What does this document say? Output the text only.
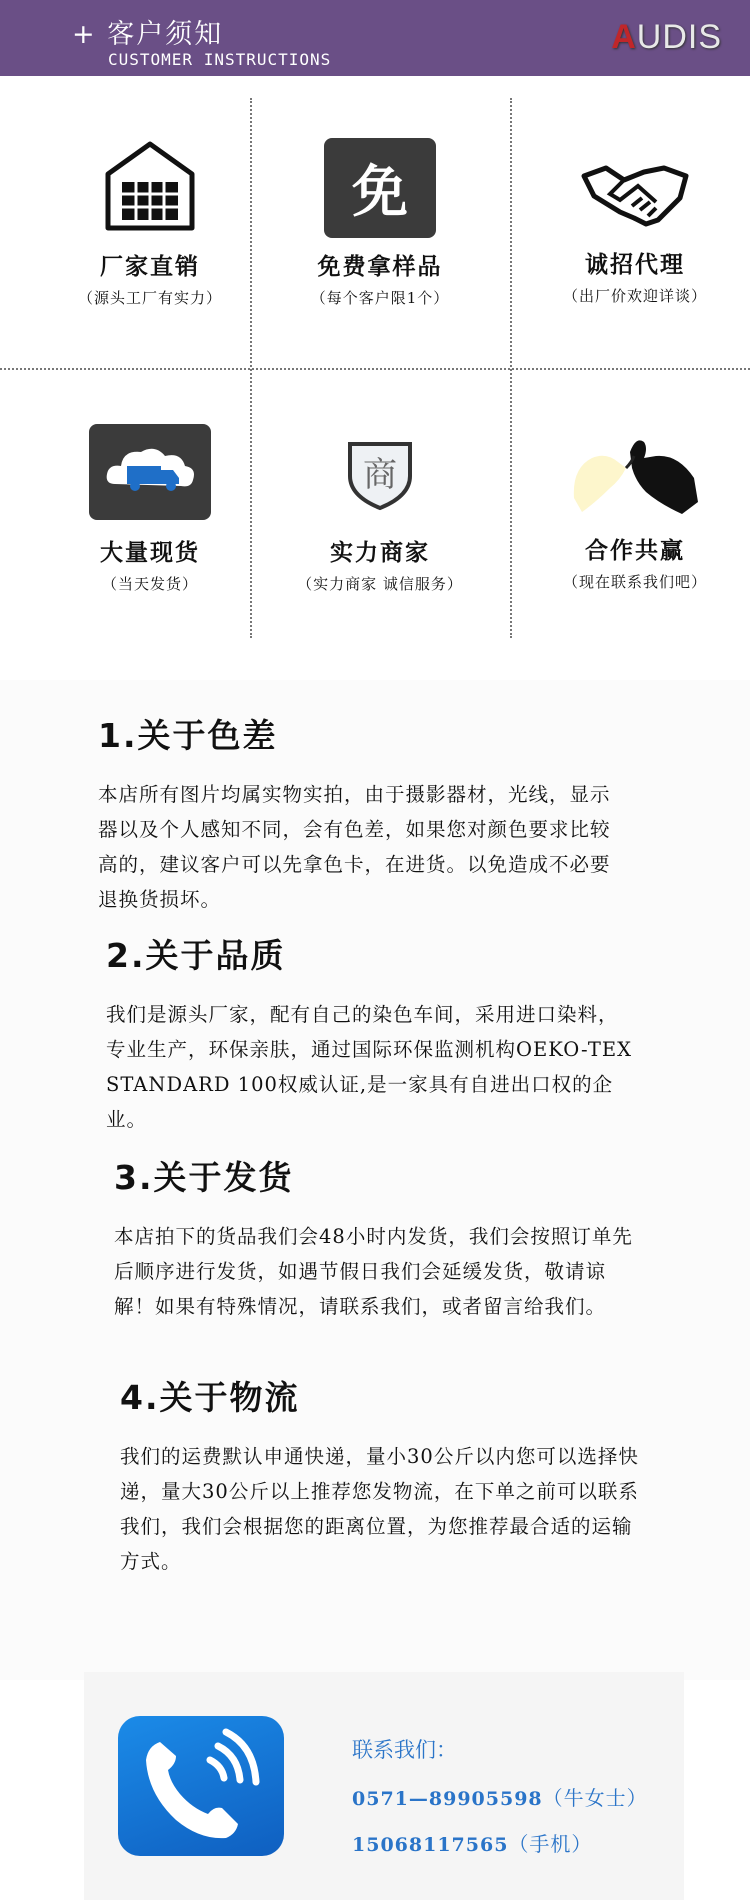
+ 客户须知
CUSTOMER INSTRUCTIONS
AUDIS
厂家直销
（源头工厂有实力）
免
免费拿样品
（每个客户限1个）
诚招代理
（出厂价欢迎详谈）
大量现货
（当天发货）
商
实力商家
（实力商家 诚信服务）
合作共赢
（现在联系我们吧）
1.关于色差

本店所有图片均属实物实拍，由于摄影器材，光线，显示器以及个人感知不同，会有色差，如果您对颜色要求比较高的，建议客户可以先拿色卡，在进货。以免造成不必要退换货损坏。

2.关于品质

我们是源头厂家，配有自己的染色车间，采用进口染料，专业生产，环保亲肤，通过国际环保监测机构OEKO-TEX STANDARD 100权威认证,是一家具有自进出口权的企业。

3.关于发货

本店拍下的货品我们会48小时内发货，我们会按照订单先后顺序进行发货，如遇节假日我们会延缓发货，敬请谅解！如果有特殊情况，请联系我们，或者留言给我们。

4.关于物流

我们的运费默认申通快递，量小30公斤以内您可以选择快递，量大30公斤以上推荐您发物流，在下单之前可以联系我们，我们会根据您的距离位置，为您推荐最合适的运输方式。

联系我们：
0571—89905598（牛女士）
15068117565（手机）
